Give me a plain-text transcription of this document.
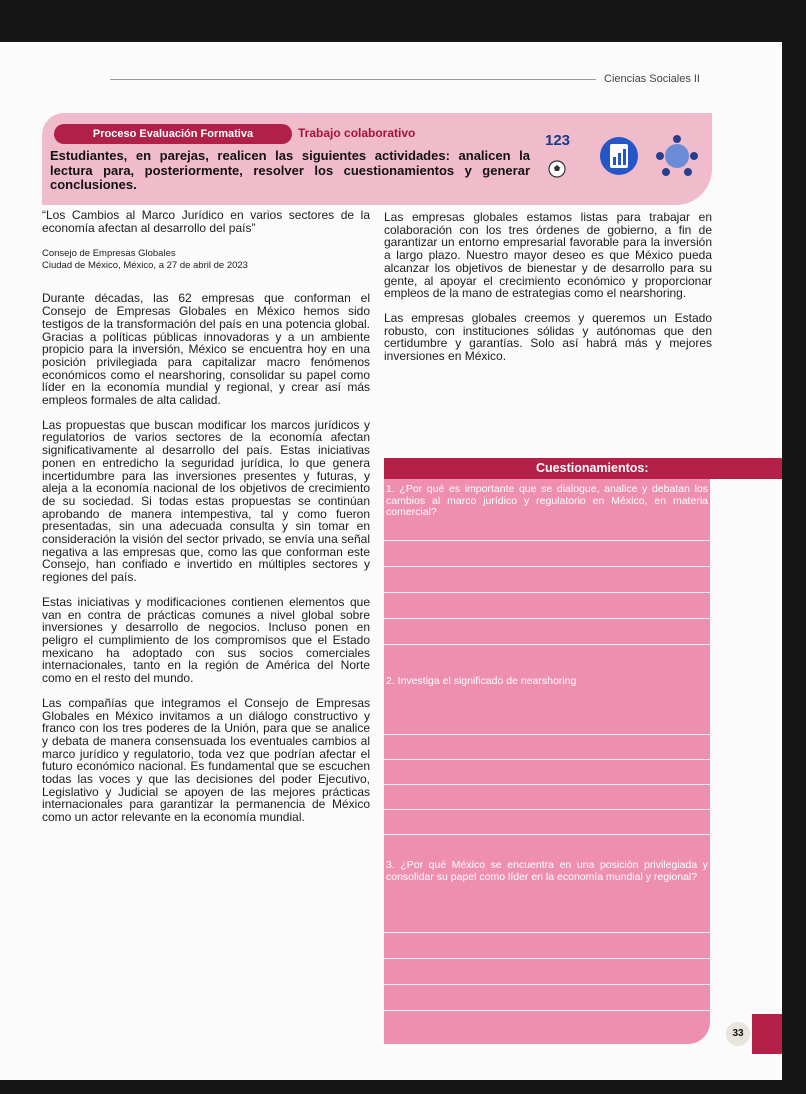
Ciencias Sociales II
Proceso Evaluación Formativa	Trabajo colaborativo
Estudiantes, en parejas, realicen las siguientes actividades: analicen la lectura para, posteriormente, resolver los cuestionamientos y generar conclusiones.
123

“Los Cambios al Marco Jurídico en varios sectores de la economía afectan al desarrollo del país”

Consejo de Empresas Globales

Ciudad de México, México, a 27 de abril de 2023

Durante décadas, las 62 empresas que conforman el Consejo de Empresas Globales en México hemos sido testigos de la transformación del país en una potencia global. Gracias a políticas públicas innovadoras y a un ambiente propicio para la inversión, México se encuentra hoy en una posición privilegiada para capitalizar macro fenómenos económicos como el nearshoring, consolidar su papel como líder en la economía mundial y regional, y crear así más empleos formales de alta calidad.

Las propuestas que buscan modificar los marcos jurídicos y regulatorios de varios sectores de la economía afectan significativamente al desarrollo del país. Estas iniciativas ponen en entredicho la seguridad jurídica, lo que genera incertidumbre para las inversiones presentes y futuras, y aleja a la economía nacional de los objetivos de crecimiento de su sociedad. Si todas estas propuestas se continúan aprobando de manera intempestiva, tal y como fueron presentadas, sin una adecuada consulta y sin tomar en consideración la visión del sector privado, se envía una señal negativa a las empresas que, como las que conforman este Consejo, han confiado e invertido en múltiples sectores y regiones del país.

Estas iniciativas y modificaciones contienen elementos que van en contra de prácticas comunes a nivel global sobre inversiones y desarrollo de negocios. Incluso ponen en peligro el cumplimiento de los compromisos que el Estado mexicano ha adoptado con sus socios comerciales internacionales, tanto en la región de América del Norte como en el resto del mundo.

Las compañías que integramos el Consejo de Empresas Globales en México invitamos a un diálogo constructivo y franco con los tres poderes de la Unión, para que se analice y debata de manera consensuada los eventuales cambios al marco jurídico y regulatorio, toda vez que podrían afectar el futuro económico nacional. Es fundamental que se escuchen todas las voces y que las decisiones del poder Ejecutivo, Legislativo y Judicial se apoyen de las mejores prácticas internacionales para garantizar la permanencia de México como un actor relevante en la economía mundial.

Las empresas globales estamos listas para trabajar en colaboración con los tres órdenes de gobierno, a fin de garantizar un entorno empresarial favorable para la inversión a largo plazo. Nuestro mayor deseo es que México pueda alcanzar los objetivos de bienestar y de desarrollo para su gente, al apoyar el crecimiento económico y proporcionar empleos de la mano de estrategias como el nearshoring.

Las empresas globales creemos y queremos un Estado robusto, con instituciones sólidas y autónomas que den certidumbre y garantías. Solo así habrá más y mejores inversiones en México.

Cuestionamientos:
1. ¿Por qué es importante que se dialogue, analice y debatan los cambios al marco jurídico y regulatorio en México, en materia comercial?
2. Investiga el significado de nearshoring
3. ¿Por qué México se encuentra en una posición privilegiada y consolidar su papel como líder en la economía mundial y regional?
33
